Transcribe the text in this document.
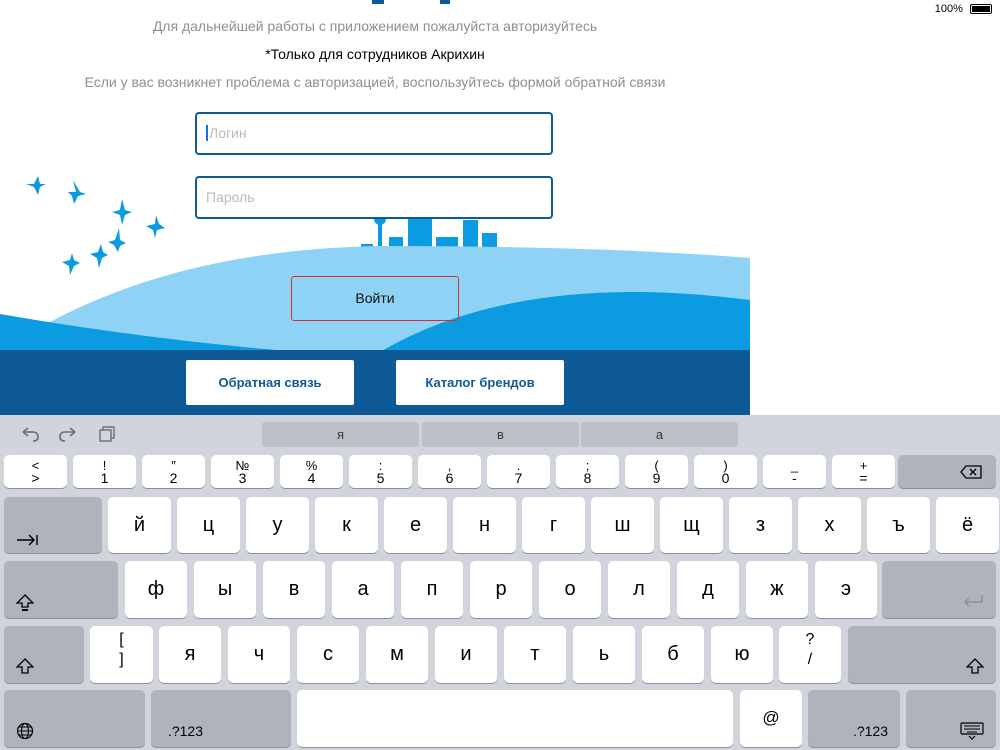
100%
Для дальнейшей работы с приложением пожалуйста авторизуйтесь
*Только для сотрудников Акрихин
Если у вас возникнет проблема с авторизацией, воспользуйтесь формой обратной связи
Логин
Пароль
Войти
Обратная связь	Каталог брендов
я	в	а
[
]
?
/
.?123
@
.?123
<
>
!
1
″
2
№
3
%
4
:
5
,
6
.
7
;
8
(
9
)
0
_
-
+
=
й	ц	у	к	е	н	г	ш	щ	з	х	ъ	ё
ф	ы	в	а	п	р	о	л	д	ж	э
я	ч	с	м	и	т	ь	б	ю
